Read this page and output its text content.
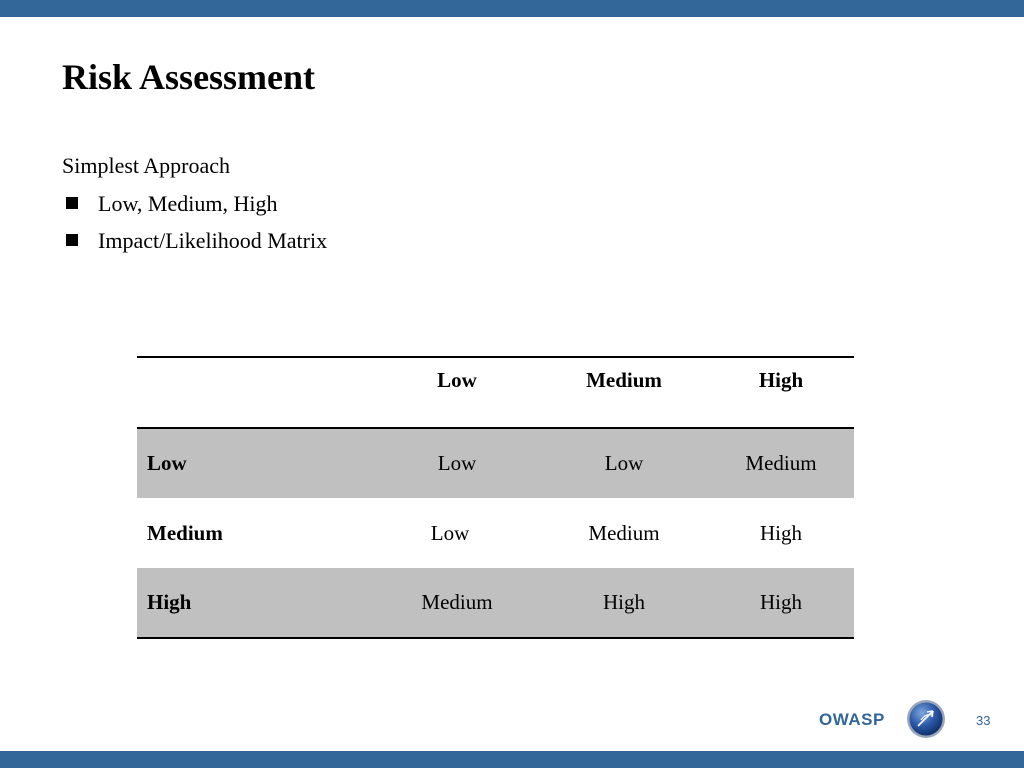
Risk Assessment
Simplest Approach
Low, Medium, High
Impact/Likelihood Matrix
	Low	Medium	High
Low	Low	Low	Medium
Medium	Low	Medium	High
High	Medium	High	High
OWASP	33
